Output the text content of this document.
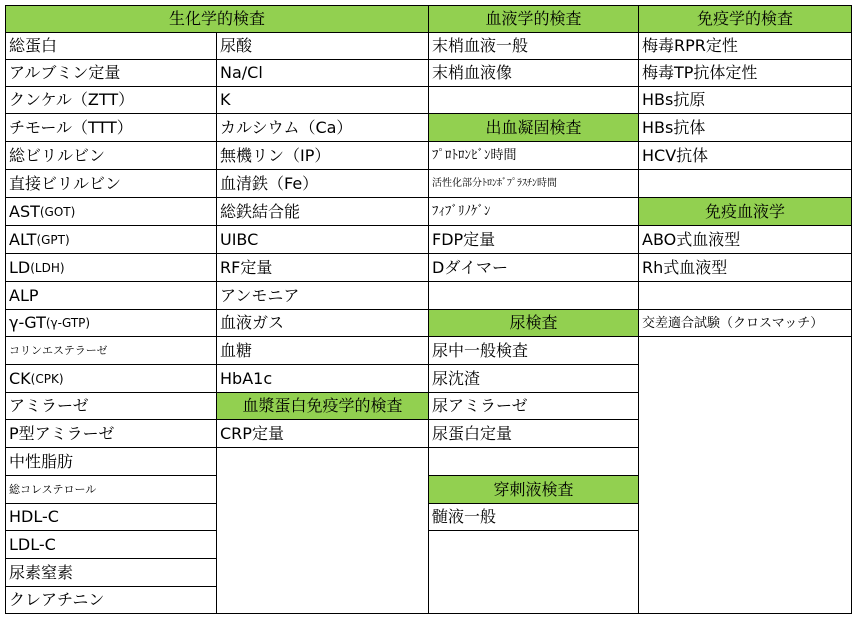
生化学的検査
総蛋白
アルブミン定量
クンケル（ZTT）
チモール（TTT）
総ビリルビン
直接ビリルビン
AST (GOT)
ALT (GPT)
LD (LDH)
ALP
γ-GT (γ-GTP)
コリンエステラーゼ
CK (CPK)
アミラーゼ
P型アミラーゼ
中性脂肪
総コレステロール
HDL-C
LDL-C
尿素窒素
クレアチニン
尿酸
Na/Cl
K
カルシウム（Ca）
無機リン（IP）
血清鉄（Fe）
総鉄結合能
UIBC
RF定量
アンモニア
血液ガス
血糖
HbA1c
血漿蛋白免疫学的検査
CRP定量
血液学的検査
末梢血液一般
末梢血液像
出血凝固検査
ﾌﾟﾛﾄﾛﾝﾋﾞﾝ時間
活性化部分ﾄﾛﾝﾎﾞﾌﾟﾗｽﾁﾝ時間
ﾌｨﾌﾞﾘﾉｹﾞﾝ
FDP定量
Dダイマー
尿検査
尿中一般検査
尿沈渣
尿アミラーゼ
尿蛋白定量
穿刺液検査
髄液一般
免疫学的検査
梅毒RPR定性
梅毒TP抗体定性
HBs抗原
HBs抗体
HCV抗体
免疫血液学
ABO式血液型
Rh式血液型
交差適合試験（クロスマッチ）
